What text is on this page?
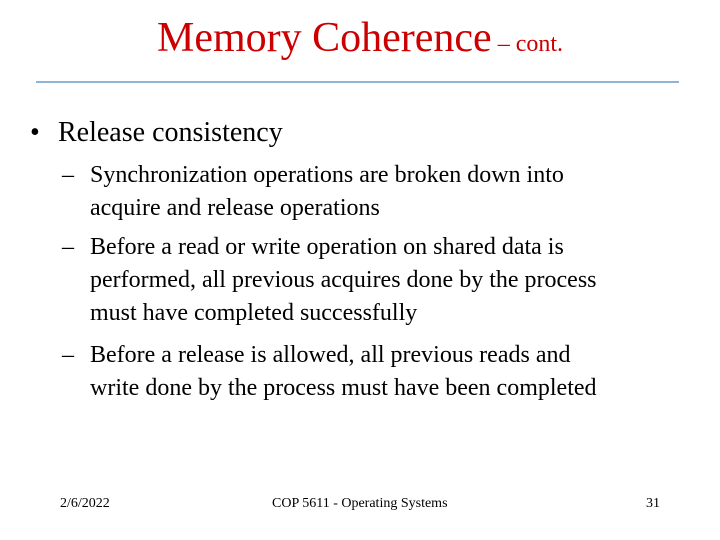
Memory Coherence – cont.
• Release consistency
– Synchronization operations are broken down into
acquire and release operations
– Before a read or write operation on shared data is
performed, all previous acquires done by the process
must have completed successfully
– Before a release is allowed, all previous reads and
write done by the process must have been completed
2/6/2022	COP 5611 - Operating Systems	31
